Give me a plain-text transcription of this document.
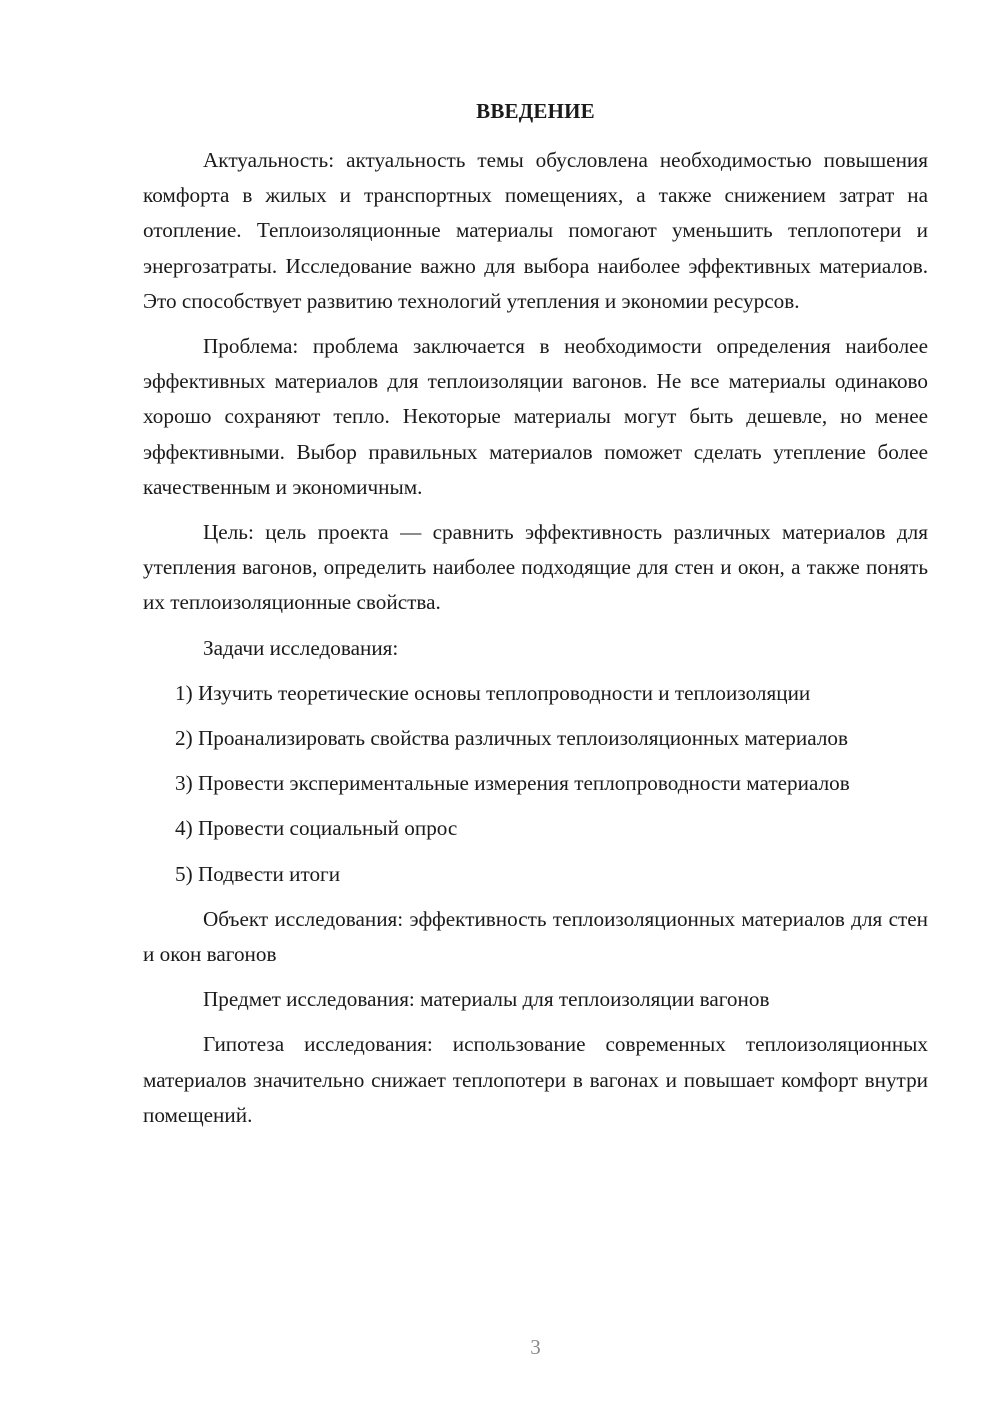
ВВЕДЕНИЕ

Актуальность: актуальность темы обусловлена необходимостью повышения комфорта в жилых и транспортных помещениях, а также снижением затрат на отопление. Теплоизоляционные материалы помогают уменьшить теплопотери и энергозатраты. Исследование важно для выбора наиболее эффективных материалов. Это способствует развитию технологий утепления и экономии ресурсов.

Проблема: проблема заключается в необходимости определения наиболее эффективных материалов для теплоизоляции вагонов. Не все материалы одинаково хорошо сохраняют тепло. Некоторые материалы могут быть дешевле, но менее эффективными. Выбор правильных материалов поможет сделать утепление более качественным и экономичным.

Цель: цель проекта — сравнить эффективность различных материалов для утепления вагонов, определить наиболее подходящие для стен и окон, а также понять их теплоизоляционные свойства.

Задачи исследования:

1) Изучить теоретические основы теплопроводности и теплоизоляции

2) Проанализировать свойства различных теплоизоляционных материалов

3) Провести экспериментальные измерения теплопроводности материалов

4) Провести социальный опрос

5) Подвести итоги

Объект исследования: эффективность теплоизоляционных материалов для стен и окон вагонов

Предмет исследования: материалы для теплоизоляции вагонов

Гипотеза исследования: использование современных теплоизоляционных материалов значительно снижает теплопотери в вагонах и повышает комфорт внутри помещений.

3
